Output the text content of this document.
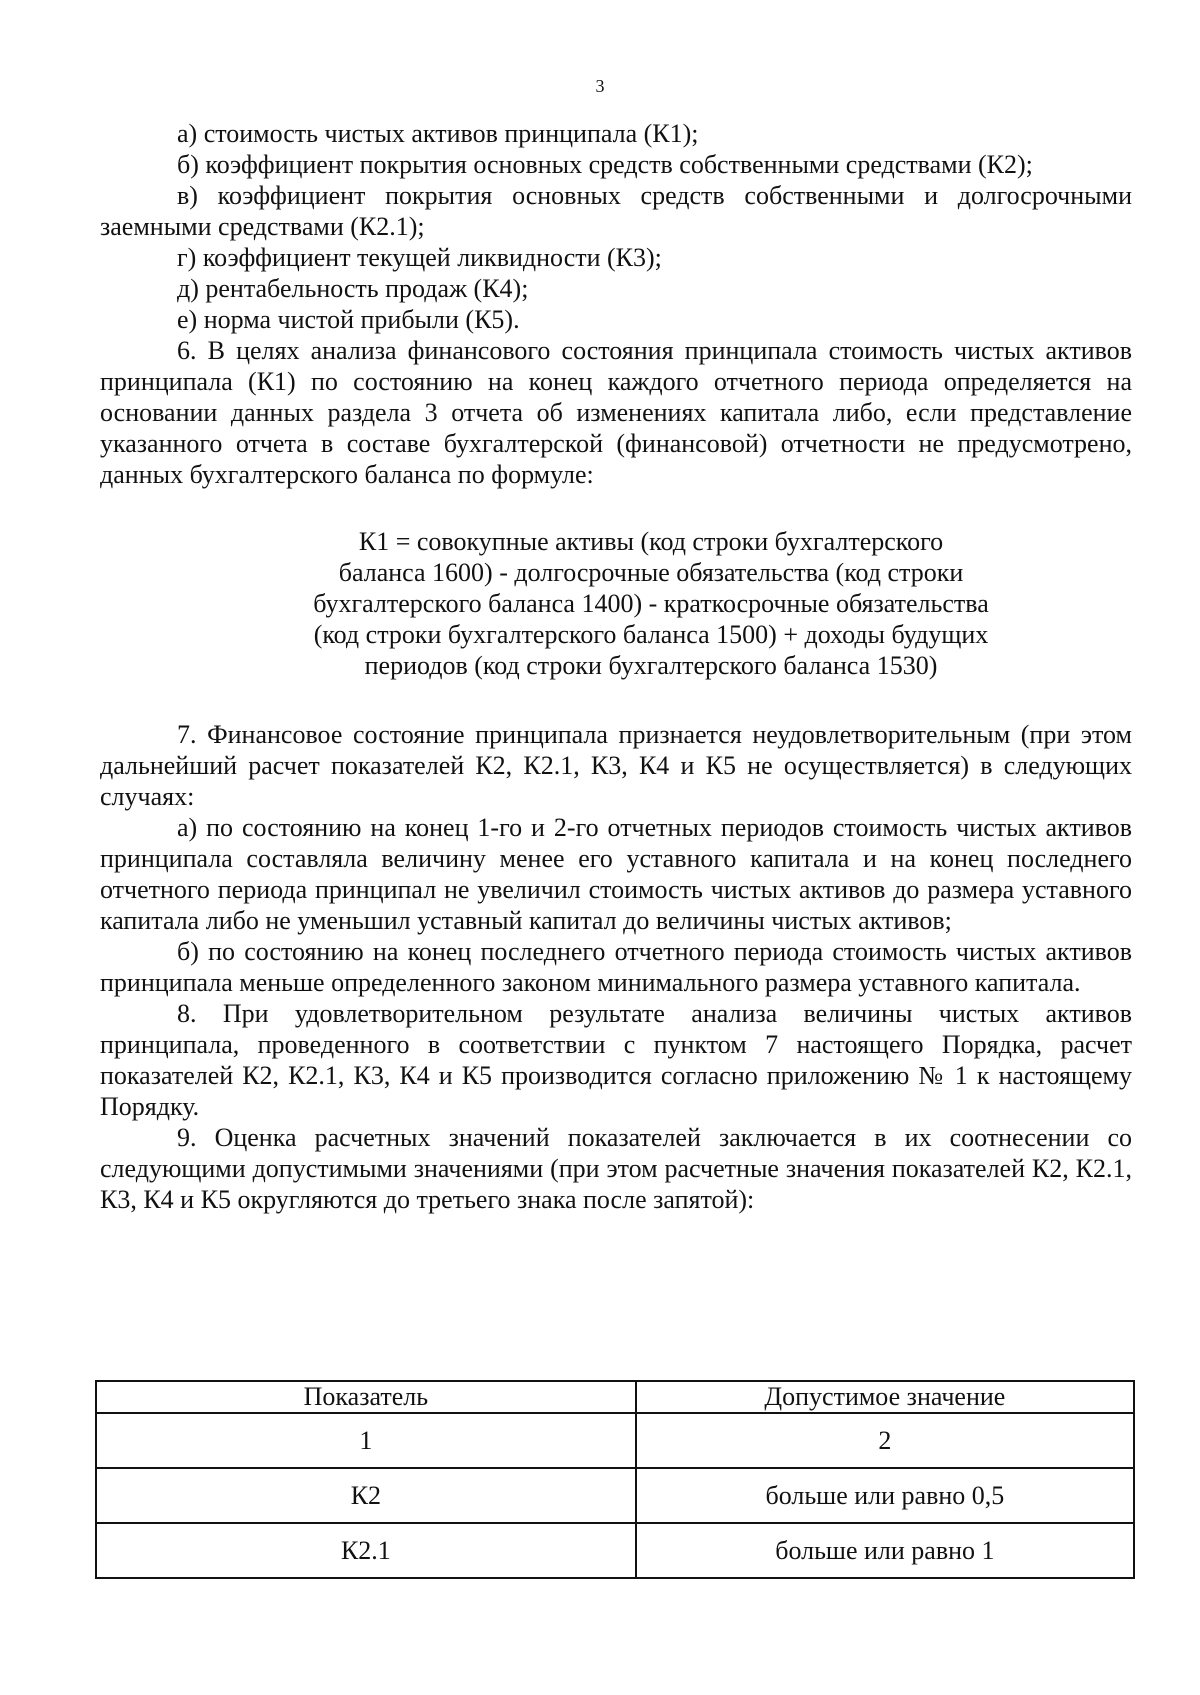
3

а) стоимость чистых активов принципала (К1);

б) коэффициент покрытия основных средств собственными средствами (К2);

в) коэффициент покрытия основных средств собственными и долгосрочными заемными средствами (К2.1);

г) коэффициент текущей ликвидности (К3);

д) рентабельность продаж (К4);

е) норма чистой прибыли (К5).

6. В целях анализа финансового состояния принципала стоимость чистых активов принципала (К1) по состоянию на конец каждого отчетного периода определяется на основании данных раздела 3 отчета об изменениях капитала либо, если представление указанного отчета в составе бухгалтерской (финансовой) отчетности не предусмотрено, данных бухгалтерского баланса по формуле:

К1 = совокупные активы (код строки бухгалтерского
баланса 1600) - долгосрочные обязательства (код строки
бухгалтерского баланса 1400) - краткосрочные обязательства
(код строки бухгалтерского баланса 1500) + доходы будущих
периодов (код строки бухгалтерского баланса 1530)

7. Финансовое состояние принципала признается неудовлетворительным (при этом дальнейший расчет показателей К2, К2.1, К3, К4 и К5 не осуществляется) в следующих случаях:

а) по состоянию на конец 1-го и 2-го отчетных периодов стоимость чистых активов принципала составляла величину менее его уставного капитала и на конец последнего отчетного периода принципал не увеличил стоимость чистых активов до размера уставного капитала либо не уменьшил уставный капитал до величины чистых активов;

б) по состоянию на конец последнего отчетного периода стоимость чистых активов принципала меньше определенного законом минимального размера уставного капитала.

8. При удовлетворительном результате анализа величины чистых активов принципала, проведенного в соответствии с пунктом 7 настоящего Порядка, расчет показателей К2, К2.1, К3, К4 и К5 производится согласно приложению № 1 к настоящему Порядку.

9. Оценка расчетных значений показателей заключается в их соотнесении со следующими допустимыми значениями (при этом расчетные значения показателей К2, К2.1, К3, К4 и К5 округляются до третьего знака после запятой):

Показатель	Допустимое значение
1	2
К2	больше или равно 0,5
К2.1	больше или равно 1
